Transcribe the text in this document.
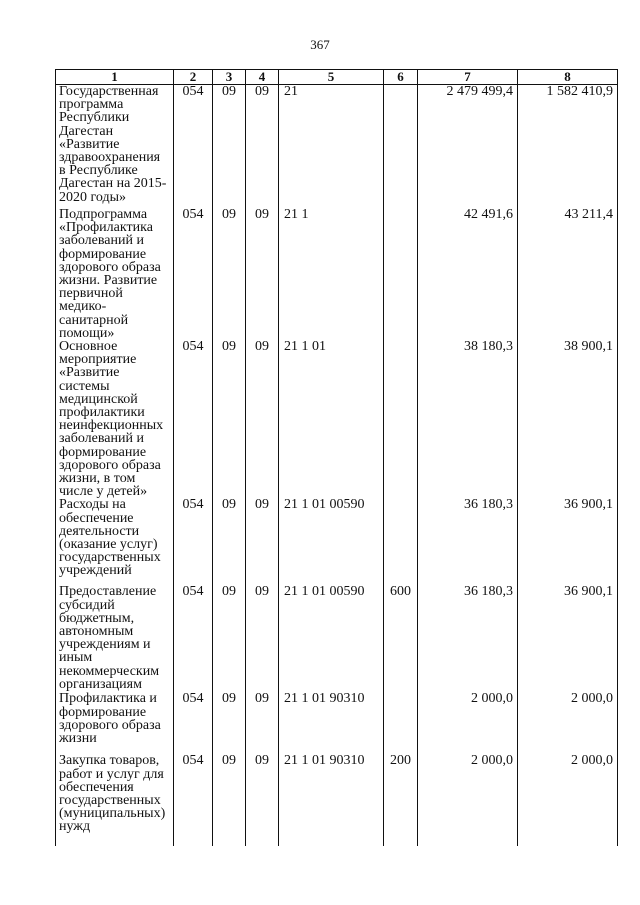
367
1	2	3	4	5	6	7	8
Государственная программа Республики Дагестан «Развитие здравоохранения в Республике Дагестан на 2015-2020 годы»	054	09	09	21		2 479 499,4	1 582 410,9
Подпрограмма «Профилактика заболеваний и формирование здорового образа жизни. Развитие первичной медико-санитарной помощи»	054	09	09	21 1		42 491,6	43 211,4
Основное мероприятие «Развитие системы медицинской профилактики неинфекционных заболеваний и формирование здорового образа жизни, в том числе у детей»	054	09	09	21 1 01		38 180,3	38 900,1
Расходы на обеспечение деятельности (оказание услуг) государственных учреждений	054	09	09	21 1 01 00590		36 180,3	36 900,1
Предоставление субсидий бюджетным, автономным учреждениям и иным некоммерческим организациям	054	09	09	21 1 01 00590	600	36 180,3	36 900,1
Профилактика и формирование здорового образа жизни	054	09	09	21 1 01 90310		2 000,0	2 000,0
Закупка товаров, работ и услуг для обеспечения государственных (муниципальных) нужд	054	09	09	21 1 01 90310	200	2 000,0	2 000,0
